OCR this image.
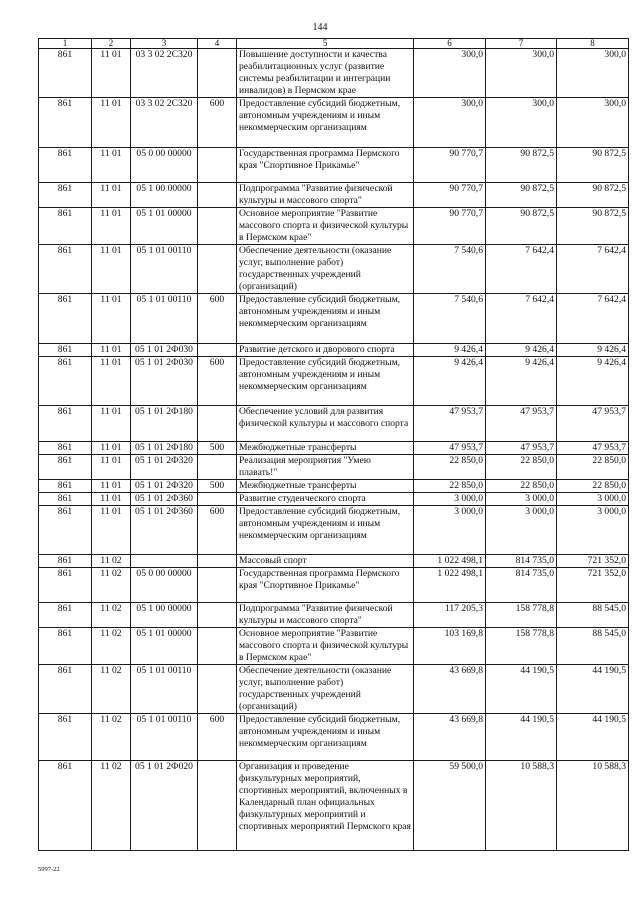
144
1	2	3	4	5	6	7	8
861	11 01	03 3 02 2С320		Повышение доступности и качества реабилитационных услуг (развитие системы реабилитации и интеграции инвалидов) в Пермском крае	300,0	300,0	300,0
861	11 01	03 3 02 2С320	600	Предоставление субсидий бюджетным, автономным учреждениям и иным некоммерческим организациям	300,0	300,0	300,0
861	11 01	05 0 00 00000		Государственная программа Пермского края "Спортивное Прикамье"	90 770,7	90 872,5	90 872,5
861	11 01	05 1 00 00000		Подпрограмма "Развитие физической культуры и массового спорта"	90 770,7	90 872,5	90 872,5
861	11 01	05 1 01 00000		Основное мероприятие "Развитие массового спорта и физической культуры в Пермском крае"	90 770,7	90 872,5	90 872,5
861	11 01	05 1 01 00110		Обеспечение деятельности (оказание услуг, выполнение работ) государственных учреждений (организаций)	7 540,6	7 642,4	7 642,4
861	11 01	05 1 01 00110	600	Предоставление субсидий бюджетным, автономным учреждениям и иным некоммерческим организациям	7 540,6	7 642,4	7 642,4
861	11 01	05 1 01 2Ф030		Развитие детского и дворового спорта	9 426,4	9 426,4	9 426,4
861	11 01	05 1 01 2Ф030	600	Предоставление субсидий бюджетным, автономным учреждениям и иным некоммерческим организациям	9 426,4	9 426,4	9 426,4
861	11 01	05 1 01 2Ф180		Обеспечение условий для развития физической культуры и массового спорта	47 953,7	47 953,7	47 953,7
861	11 01	05 1 01 2Ф180	500	Межбюджетные трансферты	47 953,7	47 953,7	47 953,7
861	11 01	05 1 01 2Ф320		Реализация мероприятия "Умею плавать!"	22 850,0	22 850,0	22 850,0
861	11 01	05 1 01 2Ф320	500	Межбюджетные трансферты	22 850,0	22 850,0	22 850,0
861	11 01	05 1 01 2Ф360		Развитие студенческого спорта	3 000,0	3 000,0	3 000,0
861	11 01	05 1 01 2Ф360	600	Предоставление субсидий бюджетным, автономным учреждениям и иным некоммерческим организациям	3 000,0	3 000,0	3 000,0
861	11 02			Массовый спорт	1 022 498,1	814 735,0	721 352,0
861	11 02	05 0 00 00000		Государственная программа Пермского края "Спортивное Прикамье"	1 022 498,1	814 735,0	721 352,0
861	11 02	05 1 00 00000		Подпрограмма "Развитие физической культуры и массового спорта"	117 205,3	158 778,8	88 545,0
861	11 02	05 1 01 00000		Основное мероприятие "Развитие массового спорта и физической культуры в Пермском крае"	103 169,8	158 778,8	88 545,0
861	11 02	05 1 01 00110		Обеспечение деятельности (оказание услуг, выполнение работ) государственных учреждений (организаций)	43 669,8	44 190,5	44 190,5
861	11 02	05 1 01 00110	600	Предоставление субсидий бюджетным, автономным учреждениям и иным некоммерческим организациям	43 669,8	44 190,5	44 190,5
861	11 02	05 1 01 2Ф020		Организация и проведение физкультурных мероприятий, спортивных мероприятий, включенных в Календарный план официальных физкультурных мероприятий и спортивных мероприятий Пермского края	59 500,0	10 588,3	10 588,3
5997-22
